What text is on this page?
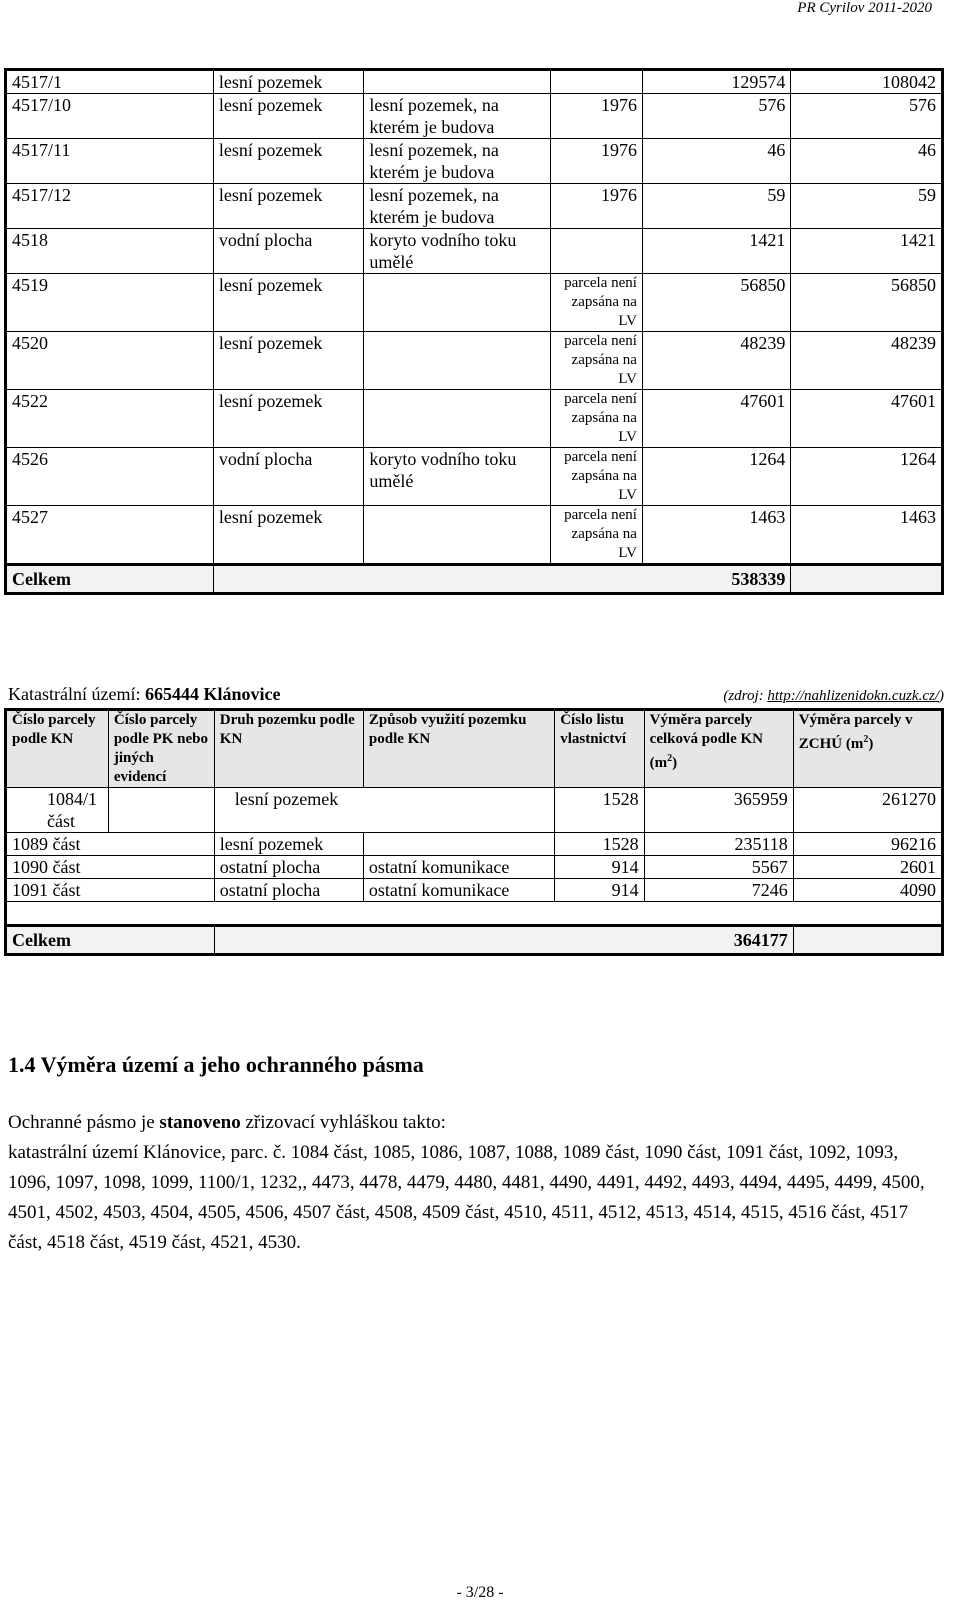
PR Cyrilov 2011-2020
4517/1	lesní pozemek			129574	108042
4517/10	lesní pozemek	lesní pozemek, na kterém je budova	1976	576	576
4517/11	lesní pozemek	lesní pozemek, na kterém je budova	1976	46	46
4517/12	lesní pozemek	lesní pozemek, na kterém je budova	1976	59	59
4518	vodní plocha	koryto vodního toku umělé		1421	1421
4519	lesní pozemek		parcela není zapsána na LV	56850	56850
4520	lesní pozemek		parcela není zapsána na LV	48239	48239
4522	lesní pozemek		parcela není zapsána na LV	47601	47601
4526	vodní plocha	koryto vodního toku umělé	parcela není zapsána na LV	1264	1264
4527	lesní pozemek		parcela není zapsána na LV	1463	1463
Celkem	538339				
Katastrální území: 665444 Klánovice	(zdroj: http://nahlizenidokn.cuzk.cz/)
Číslo parcely podle KN	Číslo parcely podle PK nebo jiných evidencí	Druh pozemku podle KN	Způsob využití pozemku podle KN	Číslo listu vlastnictví	Výměra parcely celková podle KN $(m^2)$	Výměra parcely v ZCHÚ $(m^2)$
1084/1 část		lesní pozemek		1528	365959	261270
1089 část		lesní pozemek		1528	235118	96216
1090 část		ostatní plocha	ostatní komunikace	914	5567	2601
1091 část		ostatní plocha	ostatní komunikace	914	7246	4090

Celkem		364177				
1.4 Výměra území a jeho ochranného pásma
Ochranné pásmo je stanoveno zřizovací vyhláškou takto:
katastrální území Klánovice, parc. č. 1084 část, 1085, 1086, 1087, 1088, 1089 část, 1090 část, 1091 část, 1092, 1093, 1096, 1097, 1098, 1099, 1100/1, 1232,, 4473, 4478, 4479, 4480, 4481, 4490, 4491, 4492, 4493, 4494, 4495, 4499, 4500, 4501, 4502, 4503, 4504, 4505, 4506, 4507 část, 4508, 4509 část, 4510, 4511, 4512, 4513, 4514, 4515, 4516 část, 4517 část, 4518 část, 4519 část, 4521, 4530.
- 3/28 -
